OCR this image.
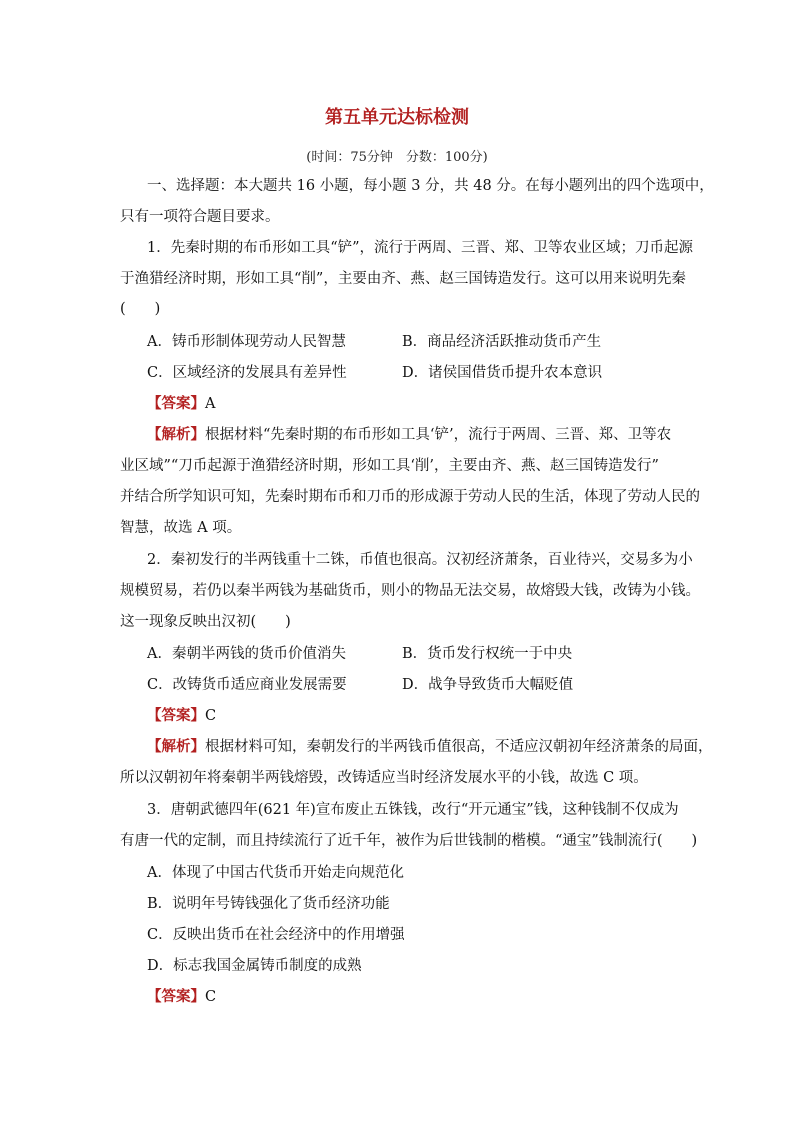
第五单元达标检测
(时间：75分钟　分数：100分)
一、选择题：本大题共 16 小题，每小题 3 分，共 48 分。在每小题列出的四个选项中，
只有一项符合题目要求。
1．先秦时期的布币形如工具“铲”，流行于两周、三晋、郑、卫等农业区域；刀币起源
于渔猎经济时期，形如工具“削”，主要由齐、燕、赵三国铸造发行。这可以用来说明先秦
(　　)
A．铸币形制体现劳动人民智慧	B．商品经济活跃推动货币产生
C．区域经济的发展具有差异性	D．诸侯国借货币提升农本意识
【答案】A
【解析】根据材料“先秦时期的布币形如工具‘铲’，流行于两周、三晋、郑、卫等农
业区域”“刀币起源于渔猎经济时期，形如工具‘削’，主要由齐、燕、赵三国铸造发行”
并结合所学知识可知，先秦时期布币和刀币的形成源于劳动人民的生活，体现了劳动人民的
智慧，故选 A 项。
2．秦初发行的半两钱重十二铢，币值也很高。汉初经济萧条，百业待兴，交易多为小
规模贸易，若仍以秦半两钱为基础货币，则小的物品无法交易，故熔毁大钱，改铸为小钱。
这一现象反映出汉初(　　)
A．秦朝半两钱的货币价值消失	B．货币发行权统一于中央
C．改铸货币适应商业发展需要	D．战争导致货币大幅贬值
【答案】C
【解析】根据材料可知，秦朝发行的半两钱币值很高，不适应汉朝初年经济萧条的局面，
所以汉朝初年将秦朝半两钱熔毁，改铸适应当时经济发展水平的小钱，故选 C 项。
3．唐朝武德四年(621 年)宣布废止五铢钱，改行“开元通宝”钱，这种钱制不仅成为
有唐一代的定制，而且持续流行了近千年，被作为后世钱制的楷模。“通宝”钱制流行(　　)
A．体现了中国古代货币开始走向规范化
B．说明年号铸钱强化了货币经济功能
C．反映出货币在社会经济中的作用增强
D．标志我国金属铸币制度的成熟
【答案】C
